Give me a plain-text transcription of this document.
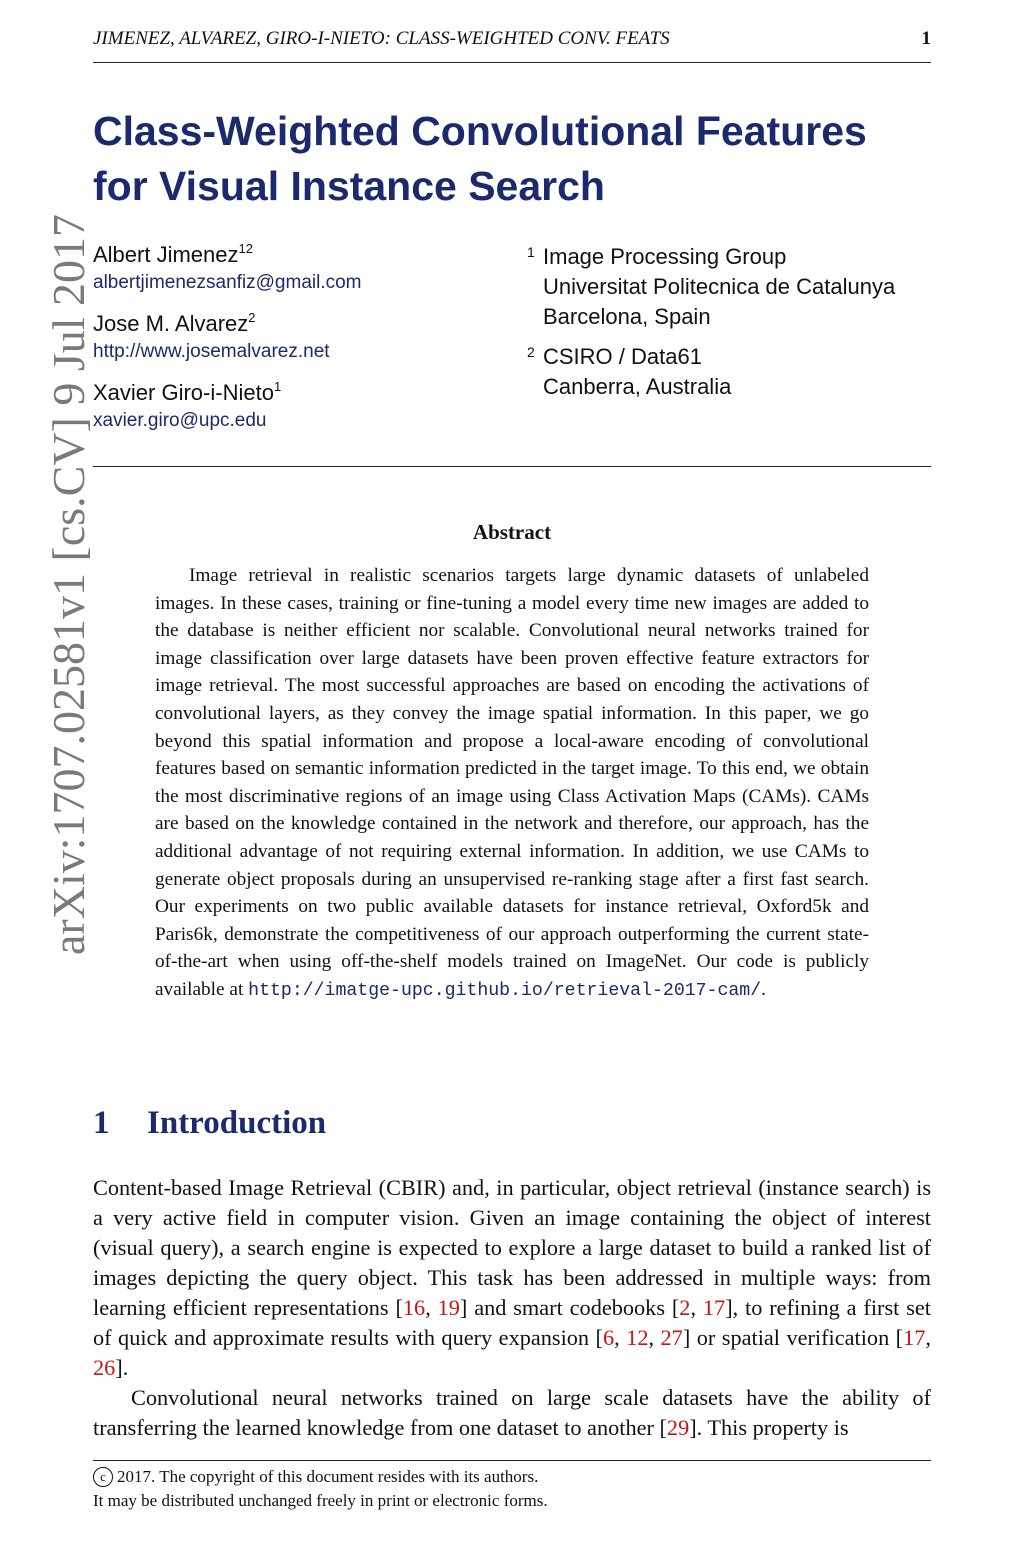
JIMENEZ, ALVAREZ, GIRO-I-NIETO: CLASS-WEIGHTED CONV. FEATS	1
arXiv:1707.02581v1 [cs.CV] 9 Jul 2017
Class-Weighted Convolutional Features
for Visual Instance Search
Albert Jimenez$^{12}$
albertjimenezsanfiz@gmail.com
Jose M. Alvarez$^2$
http://www.josemalvarez.net
Xavier Giro-i-Nieto$^1$
xavier.giro@upc.edu
1 Image Processing Group
Universitat Politecnica de Catalunya
Barcelona, Spain
2 CSIRO / Data61
Canberra, Australia
Abstract
Image retrieval in realistic scenarios targets large dynamic datasets of unlabeled images. In these cases, training or fine-tuning a model every time new images are added to the database is neither efficient nor scalable. Convolutional neural networks trained for image classification over large datasets have been proven effective feature extractors for image retrieval. The most successful approaches are based on encoding the activations of convolutional layers, as they convey the image spatial information. In this paper, we go beyond this spatial information and propose a local-aware encoding of convolutional features based on semantic information predicted in the target image. To this end, we obtain the most discriminative regions of an image using Class Activation Maps (CAMs). CAMs are based on the knowledge contained in the network and therefore, our approach, has the additional advantage of not requiring external information. In addition, we use CAMs to generate object proposals during an unsupervised re-ranking stage after a first fast search. Our experiments on two public available datasets for instance retrieval, Oxford5k and Paris6k, demonstrate the competitiveness of our approach outperforming the current state-of-the-art when using off-the-shelf models trained on ImageNet. Our code is publicly available at http://imatge-upc.github.io/retrieval-2017-cam/.
1 Introduction

Content-based Image Retrieval (CBIR) and, in particular, object retrieval (instance search) is a very active field in computer vision. Given an image containing the object of interest (visual query), a search engine is expected to explore a large dataset to build a ranked list of images depicting the query object. This task has been addressed in multiple ways: from learning efficient representations [16, 19] and smart codebooks [2, 17], to refining a first set of quick and approximate results with query expansion [6, 12, 27] or spatial verification [17, 26].

Convolutional neural networks trained on large scale datasets have the ability of transferring the learned knowledge from one dataset to another [29]. This property is

c 2017. The copyright of this document resides with its authors.
It may be distributed unchanged freely in print or electronic forms.
